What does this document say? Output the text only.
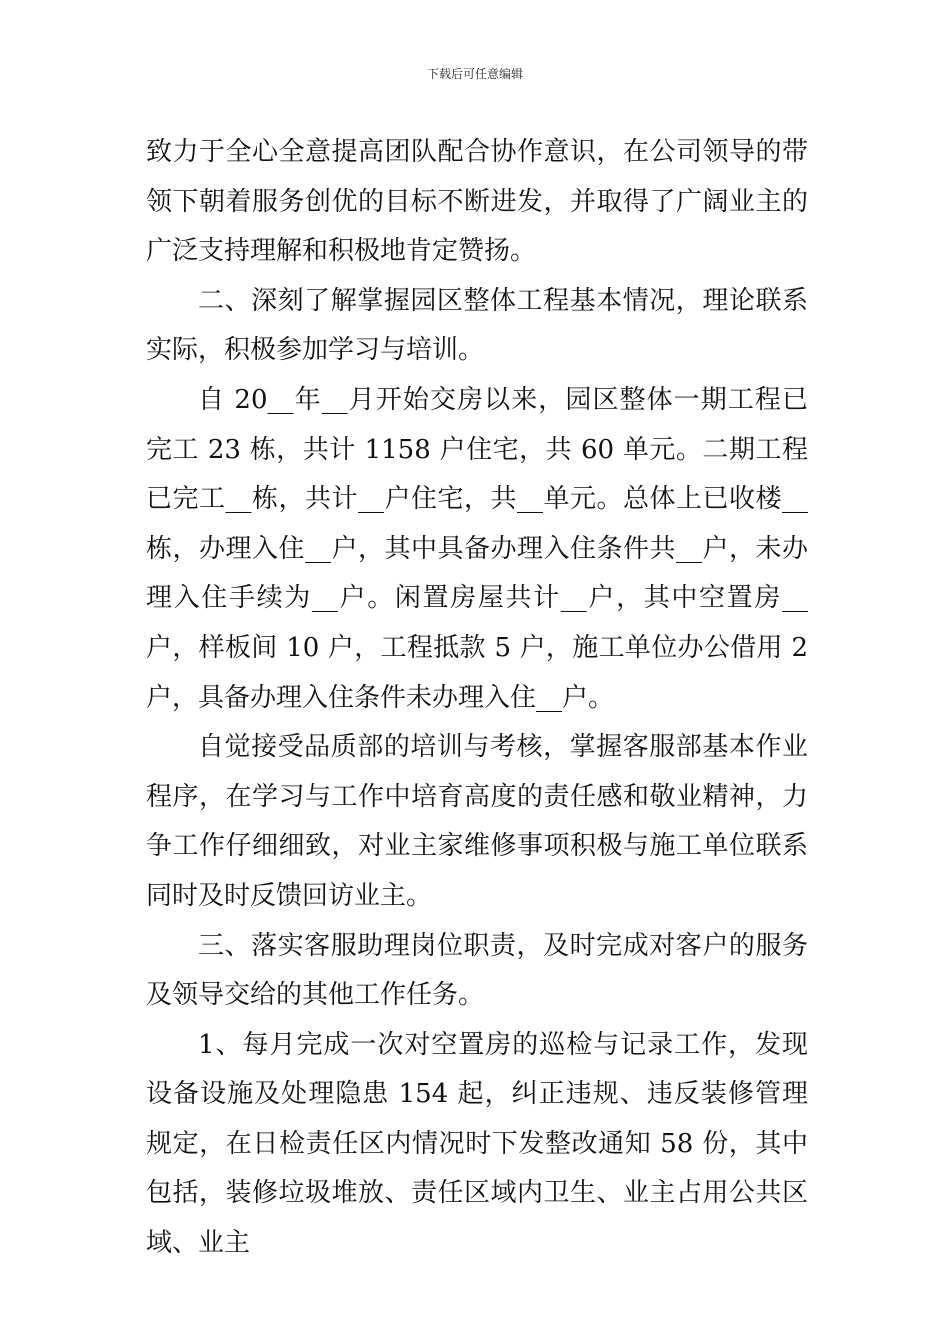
下载后可任意编辑

致力于全心全意提高团队配合协作意识，在公司领导的带领下朝着服务创优的目标不断进发，并取得了广阔业主的广泛支持理解和积极地肯定赞扬。

二、深刻了解掌握园区整体工程基本情况，理论联系实际，积极参加学习与培训。

自 20__年__月开始交房以来，园区整体一期工程已完工 23 栋，共计 1158 户住宅，共 60 单元。二期工程已完工__栋，共计__户住宅，共__单元。总体上已收楼__栋，办理入住__户，其中具备办理入住条件共__户，未办理入住手续为__户。闲置房屋共计__户，其中空置房__户，样板间 10 户，工程抵款 5 户，施工单位办公借用 2 户，具备办理入住条件未办理入住__户。

自觉接受品质部的培训与考核，掌握客服部基本作业程序，在学习与工作中培育高度的责任感和敬业精神，力争工作仔细细致，对业主家维修事项积极与施工单位联系同时及时反馈回访业主。

三、落实客服助理岗位职责，及时完成对客户的服务及领导交给的其他工作任务。

1、每月完成一次对空置房的巡检与记录工作，发现设备设施及处理隐患 154 起，纠正违规、违反装修管理规定，在日检责任区内情况时下发整改通知 58 份，其中包括，装修垃圾堆放、责任区域内卫生、业主占用公共区域、业主
